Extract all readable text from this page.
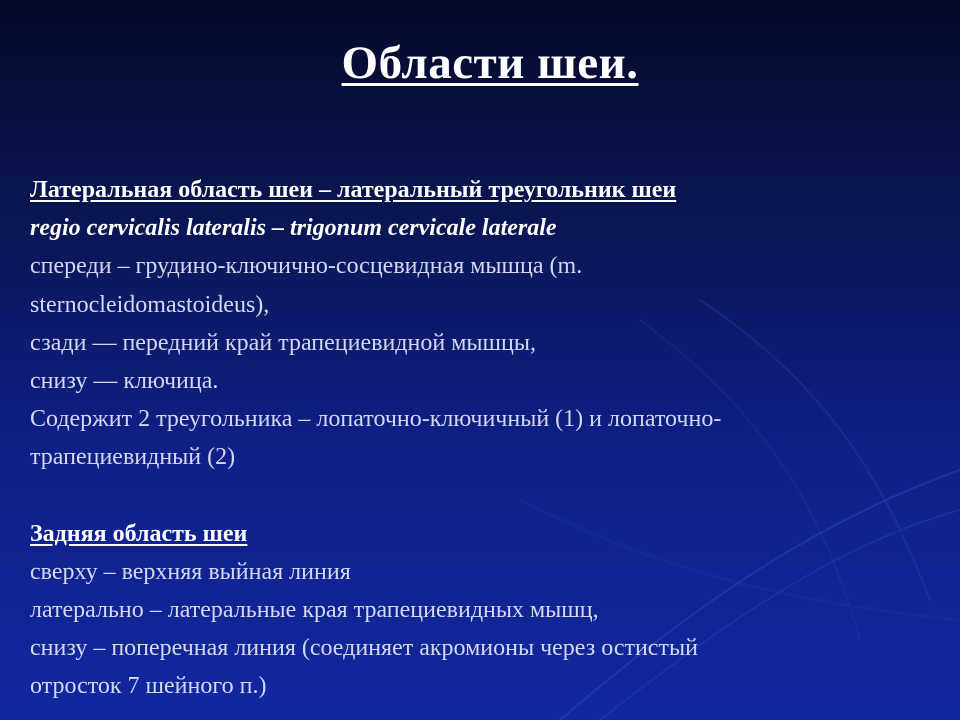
Области шеи.
Латеральная область шеи – латеральный треугольник шеи
regio cervicalis lateralis – trigonum cervicale laterale
спереди – грудино-ключично-сосцевидная мышца (m.
sternocleidomastoideus),
сзади — передний край трапециевидной мышцы,
снизу — ключица.
Содержит 2 треугольника – лопаточно-ключичный (1) и лопаточно-
трапециевидный (2)
Задняя область шеи
сверху – верхняя выйная линия
латерально – латеральные края трапециевидных мышц,
снизу – поперечная линия (соединяет акромионы через остистый
отросток 7 шейного п.)
